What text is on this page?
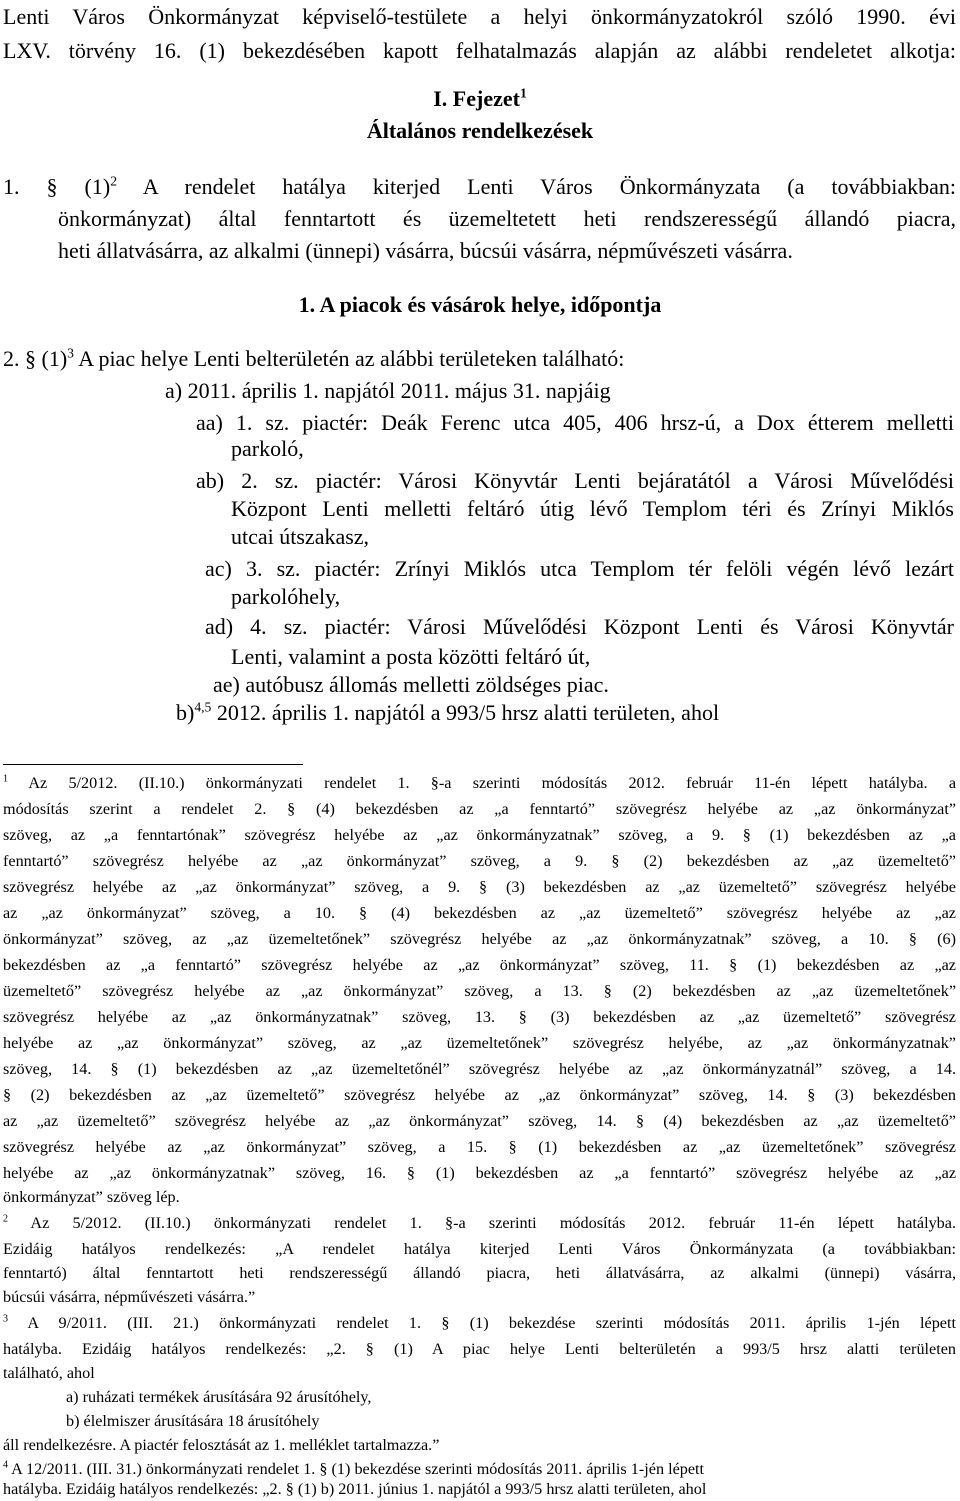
Lenti Város Önkormányzat képviselő-testülete a helyi önkormányzatokról szóló 1990. évi
LXV. törvény 16. (1) bekezdésében kapott felhatalmazás alapján az alábbi rendeletet alkotja:
I. Fejezet$^1$
Általános rendelkezések
1. § $(1)^2$ A rendelet hatálya kiterjed Lenti Város Önkormányzata (a továbbiakban:
önkormányzat) által fenntartott és üzemeltetett heti rendszerességű állandó piacra,
heti állatvásárra, az alkalmi (ünnepi) vásárra, búcsúi vásárra, népművészeti vásárra.
1. A piacok és vásárok helye, időpontja
2. § $(1)^3$ A piac helye Lenti belterületén az alábbi területeken található:
a) 2011. április 1. napjától 2011. május 31. napjáig
aa) 1. sz. piactér: Deák Ferenc utca 405, 406 hrsz-ú, a Dox étterem melletti
parkoló,
ab) 2. sz. piactér: Városi Könyvtár Lenti bejáratától a Városi Művelődési
Központ Lenti melletti feltáró útig lévő Templom téri és Zrínyi Miklós
utcai útszakasz,
ac) 3. sz. piactér: Zrínyi Miklós utca Templom tér felöli végén lévő lezárt
parkolóhely,
ad) 4. sz. piactér: Városi Művelődési Központ Lenti és Városi Könyvtár
Lenti, valamint a posta közötti feltáró út,
ae) autóbusz állomás melletti zöldséges piac.
b)$^{4,5}$ 2012. április 1. napjától a 993/5 hrsz alatti területen, ahol
$^1$ Az 5/2012. (II.10.) önkormányzati rendelet 1. §-a szerinti módosítás 2012. február 11-én lépett hatályba. a
módosítás szerint a rendelet 2. § (4) bekezdésben az „a fenntartó” szövegrész helyébe az „az önkormányzat”
szöveg, az „a fenntartónak” szövegrész helyébe az „az önkormányzatnak” szöveg, a 9. § (1) bekezdésben az „a
fenntartó” szövegrész helyébe az „az önkormányzat” szöveg, a 9. § (2) bekezdésben az „az üzemeltető”
szövegrész helyébe az „az önkormányzat” szöveg, a 9. § (3) bekezdésben az „az üzemeltető” szövegrész helyébe
az „az önkormányzat” szöveg, a 10. § (4) bekezdésben az „az üzemeltető” szövegrész helyébe az „az
önkormányzat” szöveg, az „az üzemeltetőnek” szövegrész helyébe az „az önkormányzatnak” szöveg, a 10. § (6)
bekezdésben az „a fenntartó” szövegrész helyébe az „az önkormányzat” szöveg, 11. § (1) bekezdésben az „az
üzemeltető” szövegrész helyébe az „az önkormányzat” szöveg, a 13. § (2) bekezdésben az „az üzemeltetőnek”
szövegrész helyébe az „az önkormányzatnak” szöveg, 13. § (3) bekezdésben az „az üzemeltető” szövegrész
helyébe az „az önkormányzat” szöveg, az „az üzemeltetőnek” szövegrész helyébe, az „az önkormányzatnak”
szöveg, 14. § (1) bekezdésben az „az üzemeltetőnél” szövegrész helyébe az „az önkormányzatnál” szöveg, a 14.
§ (2) bekezdésben az „az üzemeltető” szövegrész helyébe az „az önkormányzat” szöveg, 14. § (3) bekezdésben
az „az üzemeltető” szövegrész helyébe az „az önkormányzat” szöveg, 14. § (4) bekezdésben az „az üzemeltető”
szövegrész helyébe az „az önkormányzat” szöveg, a 15. § (1) bekezdésben az „az üzemeltetőnek” szövegrész
helyébe az „az önkormányzatnak” szöveg, 16. § (1) bekezdésben az „a fenntartó” szövegrész helyébe az „az
önkormányzat” szöveg lép.
$^2$ Az 5/2012. (II.10.) önkormányzati rendelet 1. §-a szerinti módosítás 2012. február 11-én lépett hatályba.
Ezidáig hatályos rendelkezés: „A rendelet hatálya kiterjed Lenti Város Önkormányzata (a továbbiakban:
fenntartó) által fenntartott heti rendszerességű állandó piacra, heti állatvásárra, az alkalmi (ünnepi) vásárra,
búcsúi vásárra, népművészeti vásárra.”
$^3$ A 9/2011. (III. 21.) önkormányzati rendelet 1. § (1) bekezdése szerinti módosítás 2011. április 1-jén lépett
hatályba. Ezidáig hatályos rendelkezés: „2. § (1) A piac helye Lenti belterületén a 993/5 hrsz alatti területen
található, ahol
a) ruházati termékek árusítására 92 árusítóhely,
b) élelmiszer árusítására 18 árusítóhely
áll rendelkezésre. A piactér felosztását az 1. melléklet tartalmazza.”
$^4$ A 12/2011. (III. 31.) önkormányzati rendelet 1. § (1) bekezdése szerinti módosítás 2011. április 1-jén lépett
hatályba. Ezidáig hatályos rendelkezés: „2. § (1) b) 2011. június 1. napjától a 993/5 hrsz alatti területen, ahol
